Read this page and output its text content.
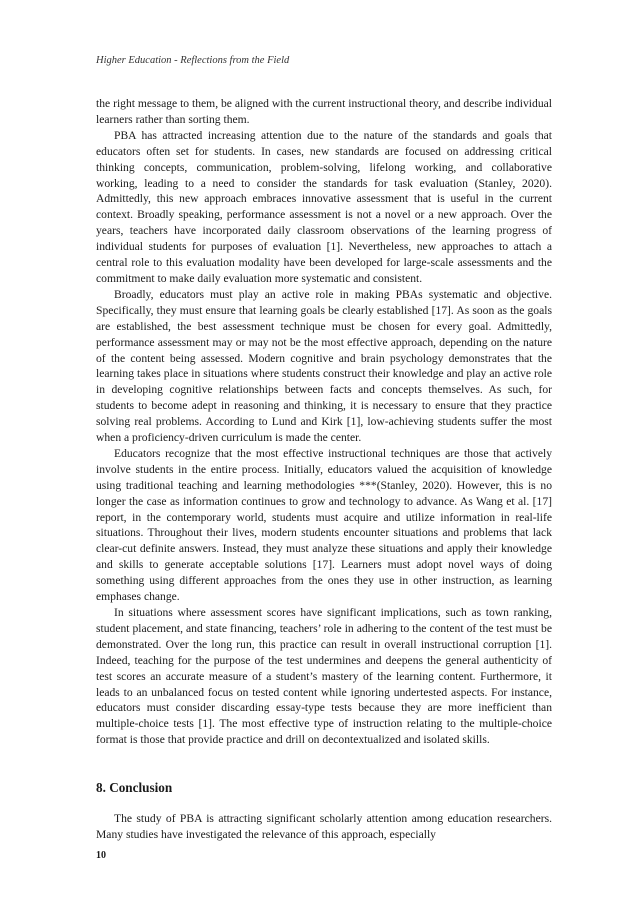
Higher Education - Reflections from the Field

the right message to them, be aligned with the current instructional theory, and describe individual learners rather than sorting them.

PBA has attracted increasing attention due to the nature of the standards and goals that educators often set for students. In cases, new standards are focused on addressing critical thinking concepts, communication, problem-solving, lifelong working, and collaborative working, leading to a need to consider the standards for task evaluation (Stanley, 2020). Admittedly, this new approach embraces innovative assessment that is useful in the current context. Broadly speaking, performance assessment is not a novel or a new approach. Over the years, teachers have incorporated daily classroom observations of the learning progress of individual students for purposes of evaluation [1]. Nevertheless, new approaches to attach a central role to this evaluation modality have been developed for large-scale assessments and the commitment to make daily evaluation more systematic and consistent.

Broadly, educators must play an active role in making PBAs systematic and objective. Specifically, they must ensure that learning goals be clearly established [17]. As soon as the goals are established, the best assessment technique must be chosen for every goal. Admittedly, performance assessment may or may not be the most effective approach, depending on the nature of the content being assessed. Modern cognitive and brain psychology demonstrates that the learning takes place in situations where students construct their knowledge and play an active role in developing cognitive relationships between facts and concepts themselves. As such, for students to become adept in reasoning and thinking, it is necessary to ensure that they practice solving real problems. According to Lund and Kirk [1], low-achieving students suffer the most when a proficiency-driven curriculum is made the center.

Educators recognize that the most effective instructional techniques are those that actively involve students in the entire process. Initially, educators valued the acquisition of knowledge using traditional teaching and learning methodologies ***(Stanley, 2020). However, this is no longer the case as information continues to grow and technology to advance. As Wang et al. [17] report, in the contemporary world, students must acquire and utilize information in real-life situations. Throughout their lives, modern students encounter situations and problems that lack clear-cut definite answers. Instead, they must analyze these situations and apply their knowledge and skills to generate acceptable solutions [17]. Learners must adopt novel ways of doing something using different approaches from the ones they use in other instruction, as learning emphases change.

In situations where assessment scores have significant implications, such as town ranking, student placement, and state financing, teachers’ role in adhering to the content of the test must be demonstrated. Over the long run, this practice can result in overall instructional corruption [1]. Indeed, teaching for the purpose of the test undermines and deepens the general authenticity of test scores an accurate measure of a student’s mastery of the learning content. Furthermore, it leads to an unbalanced focus on tested content while ignoring undertested aspects. For instance, educators must consider discarding essay-type tests because they are more inefficient than multiple-choice tests [1]. The most effective type of instruction relating to the multiple-choice format is those that provide practice and drill on decontextualized and isolated skills.

8. Conclusion

The study of PBA is attracting significant scholarly attention among education researchers. Many studies have investigated the relevance of this approach, especially

10
